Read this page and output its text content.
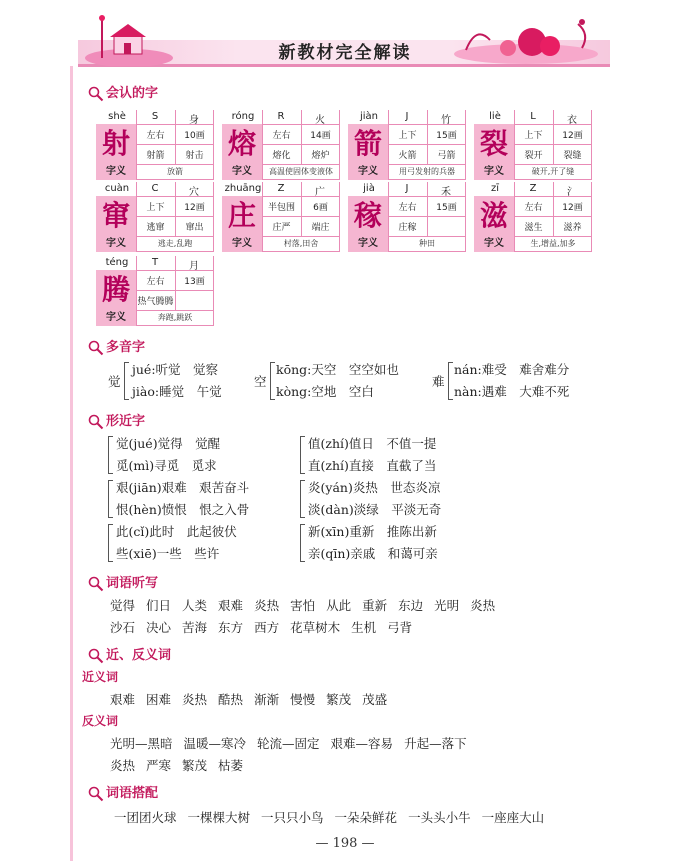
新教材完全解读
会认的字
shè	S	身
射	左右	10画
射箭	射击
字义	放箭
róng	R	火
熔	左右	14画
熔化	熔炉
字义	高温使固体变液体
jiàn	J	竹
箭	上下	15画
火箭	弓箭
字义	用弓发射的兵器
liè	L	衣
裂	上下	12画
裂开	裂缝
字义	破开,开了缝
cuàn	C	穴
窜	上下	12画
逃窜	窜出
字义	逃走,乱跑
zhuāng	Z	广
庄	半包围	6画
庄严	端庄
字义	村落,田舍
jià	J	禾
稼	左右	15画
庄稼
字义	种田
zī	Z	氵
滋	左右	12画
滋生	滋养
字义	生,增益,加多
téng	T	月
腾	左右	13画
热气腾腾
字义	奔跑,跳跃
多音字
觉
jué:听觉　觉察
jiào:睡觉　午觉
空
kōng:天空　空空如也
kòng:空地　空白
难
nán:难受　难舍难分
nàn:遇难　大难不死
形近字
觉(jué)觉得　觉醒
觅(mì)寻觅　觅求
艰(jiān)艰难　艰苦奋斗
恨(hèn)愤恨　恨之入骨
此(cǐ)此时　此起彼伏
些(xiē)一些　些许
值(zhí)值日　不值一提
直(zhí)直接　直截了当
炎(yán)炎热　世态炎凉
淡(dàn)淡绿　平淡无奇
新(xīn)重新　推陈出新
亲(qīn)亲戚　和蔼可亲
词语听写
觉得 们日 人类 艰难 炎热 害怕 从此 重新 东边 光明 炎热
沙石 决心 苦海 东方 西方 花草树木 生机 弓背
近、反义词
近义词
艰难 困难 炎热 酷热 渐渐 慢慢 繁茂 茂盛
反义词
光明—黑暗 温暖—寒冷 轮流—固定 艰难—容易 升起—落下
炎热 严寒 繁茂 枯萎
词语搭配
一团团火球 一棵棵大树 一只只小鸟 一朵朵鲜花 一头头小牛 一座座大山
— 198 —
